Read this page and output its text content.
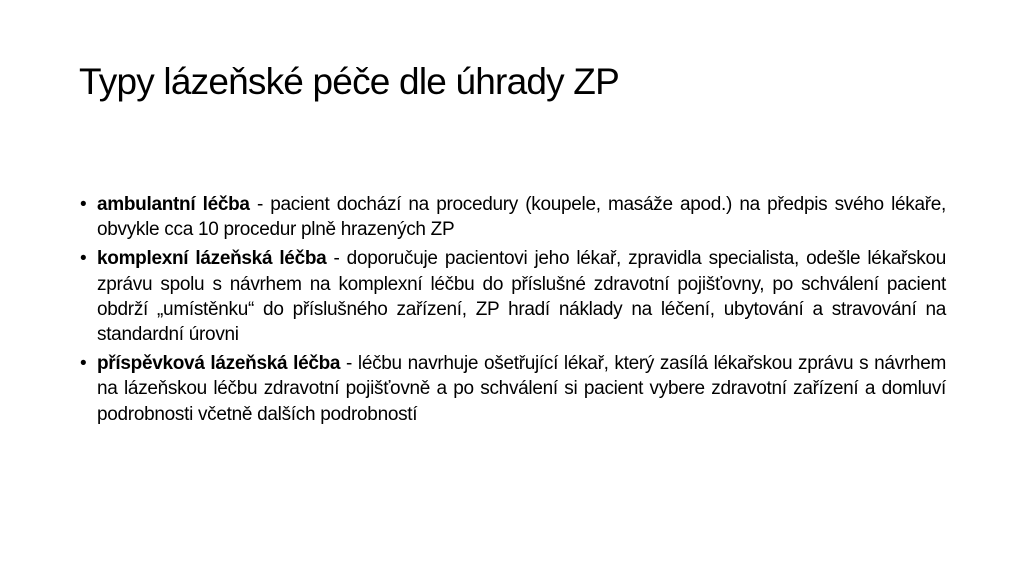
Typy lázeňské péče dle úhrady ZP
• ambulantní léčba - pacient dochází na procedury (koupele, masáže apod.) na předpis svého lékaře, obvykle cca 10 procedur plně hrazených ZP
• komplexní lázeňská léčba - doporučuje pacientovi jeho lékař, zpravidla specialista, odešle lékařskou zprávu spolu s návrhem na komplexní léčbu do příslušné zdravotní pojišťovny, po schválení pacient obdrží „umístěnku“ do příslušného zařízení, ZP hradí náklady na léčení, ubytování a stravování na standardní úrovni
• příspěvková lázeňská léčba - léčbu navrhuje ošetřující lékař, který zasílá lékařskou zprávu s návrhem na lázeňskou léčbu zdravotní pojišťovně a po schválení si pacient vybere zdravotní zařízení a domluví podrobnosti včetně dalších podrobností
